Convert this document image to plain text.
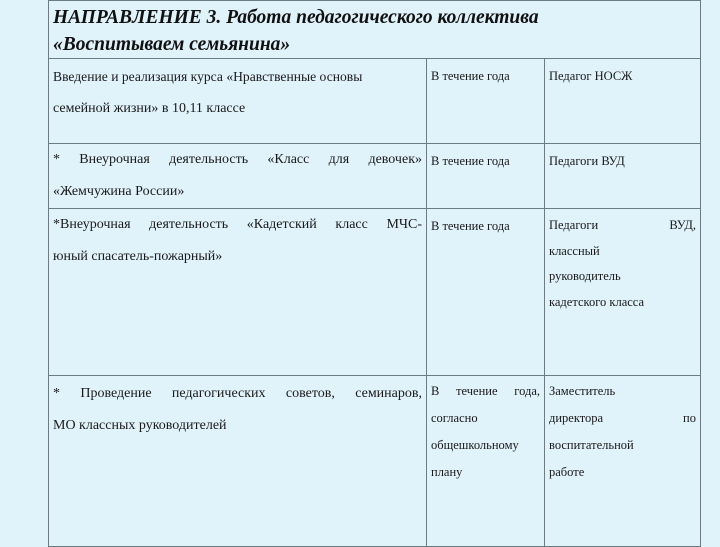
НАПРАВЛЕНИЕ 3. Работа педагогического коллектива
«Воспитываем семьянина»		

Введение и реализация курса «Нравственные основы
семейной жизни» в 10,11 классе	В течение года	Педагог НОСЖ

* Внеурочная деятельность «Класс для девочек»
«Жемчужина России»	В течение года	Педагоги ВУД

*Внеурочная деятельность «Кадетский класс МЧС-
юный спасатель-пожарный»	В течение года	Педагоги ВУД,
классный
руководитель
кадетского класса

* Проведение педагогических советов, семинаров,
МО классных руководителей	В течение года,
согласно
общешкольному
плану	Заместитель
директора по
воспитательной
работе
